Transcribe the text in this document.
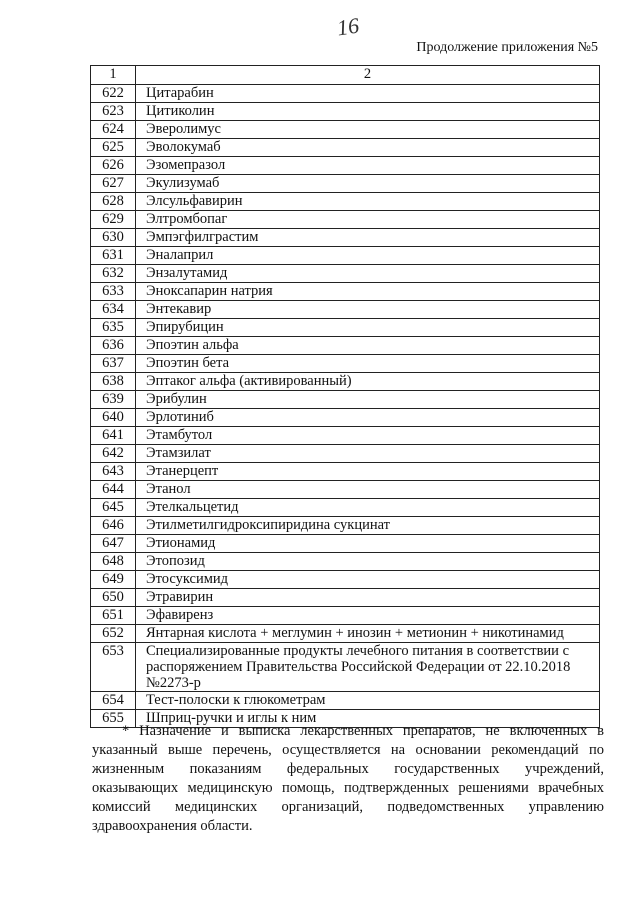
16
Продолжение приложения №5
1	2
622	Цитарабин
623	Цитиколин
624	Эверолимус
625	Эволокумаб
626	Эзомепразол
627	Экулизумаб
628	Элсульфавирин
629	Элтромбопаг
630	Эмпэгфилграстим
631	Эналаприл
632	Энзалутамид
633	Эноксапарин натрия
634	Энтекавир
635	Эпирубицин
636	Эпоэтин альфа
637	Эпоэтин бета
638	Эптаког альфа (активированный)
639	Эрибулин
640	Эрлотиниб
641	Этамбутол
642	Этамзилат
643	Этанерцепт
644	Этанол
645	Этелкальцетид
646	Этилметилгидроксипиридина сукцинат
647	Этионамид
648	Этопозид
649	Этосуксимид
650	Этравирин
651	Эфавиренз
652	Янтарная кислота + меглумин + инозин + метионин + никотинамид
653	Специализированные продукты лечебного питания в соответствии с распоряжением Правительства Российской Федерации от 22.10.2018 №2273-р
654	Тест-полоски к глюкометрам
655	Шприц-ручки и иглы к ним
* Назначение и выписка лекарственных препаратов, не включенных в указанный выше перечень, осуществляется на основании рекомендаций по жизненным показаниям федеральных государственных учреждений, оказывающих медицинскую помощь, подтвержденных решениями врачебных комиссий медицинских организаций, подведомственных управлению здравоохранения области.
